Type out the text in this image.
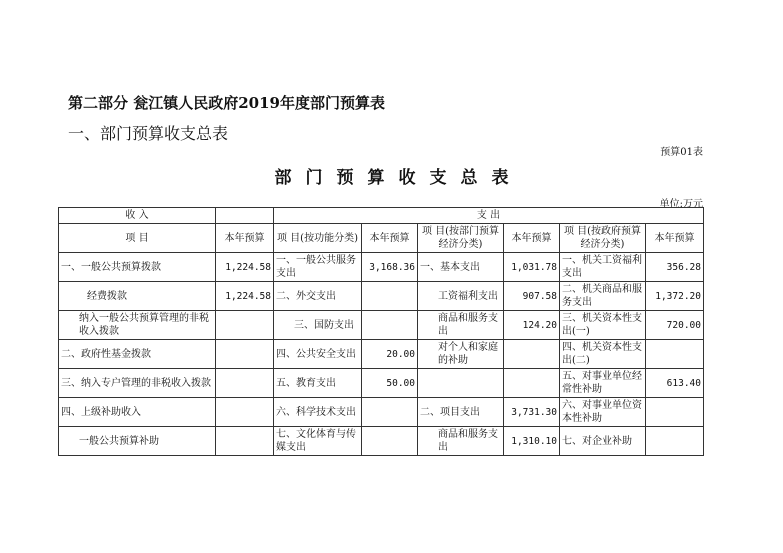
第二部分 瓮江镇人民政府2019年度部门预算表
一、部门预算收支总表
预算01表
部门预算收支总表
单位:万元
收 入		支 出					
项 目	本年预算	项 目(按功能分类)	本年预算	项 目(按部门预算经济分类)	本年预算	项 目(按政府预算经济分类)	本年预算
一、一般公共预算拨款	1,224.58	一、一般公共服务支出	3,168.36	一、基本支出	1,031.78	一、机关工资福利支出	356.28
经费拨款	1,224.58	二、外交支出		工资福利支出	907.58	二、机关商品和服务支出	1,372.20
纳入一般公共预算管理的非税收入拨款		三、国防支出		商品和服务支出	124.20	三、机关资本性支出(一)	720.00
二、政府性基金拨款		四、公共安全支出	20.00	对个人和家庭的补助		四、机关资本性支出(二)	
三、纳入专户管理的非税收入拨款		五、教育支出	50.00			五、对事业单位经常性补助	613.40
四、上级补助收入		六、科学技术支出		二、项目支出	3,731.30	六、对事业单位资本性补助	
一般公共预算补助		七、文化体育与传媒支出		商品和服务支出	1,310.10	七、对企业补助	
